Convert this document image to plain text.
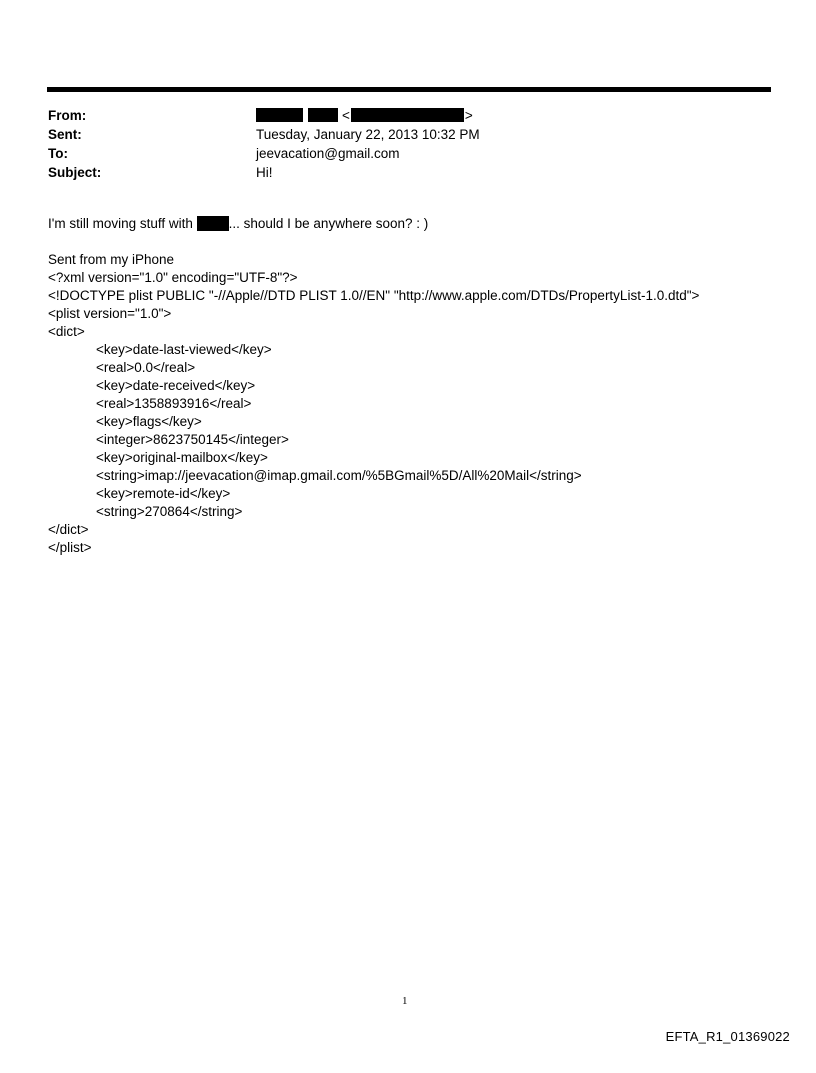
From:	<	>
Sent:	Tuesday, January 22, 2013 10:32 PM
To:	jeevacation@gmail.com
Subject:	Hi!
I'm still moving stuff with ... should I be anywhere soon? : )
Sent from my iPhone
<?xml version="1.0" encoding="UTF-8"?>
<!DOCTYPE plist PUBLIC "-//Apple//DTD PLIST 1.0//EN" "http://www.apple.com/DTDs/PropertyList-1.0.dtd">
<plist version="1.0">
<dict>
<key>date-last-viewed</key>
<real>0.0</real>
<key>date-received</key>
<real>1358893916</real>
<key>flags</key>
<integer>8623750145</integer>
<key>original-mailbox</key>
<string>imap://jeevacation@imap.gmail.com/%5BGmail%5D/All%20Mail</string>
<key>remote-id</key>
<string>270864</string>
</dict>
</plist>
1
EFTA_R1_01369022
